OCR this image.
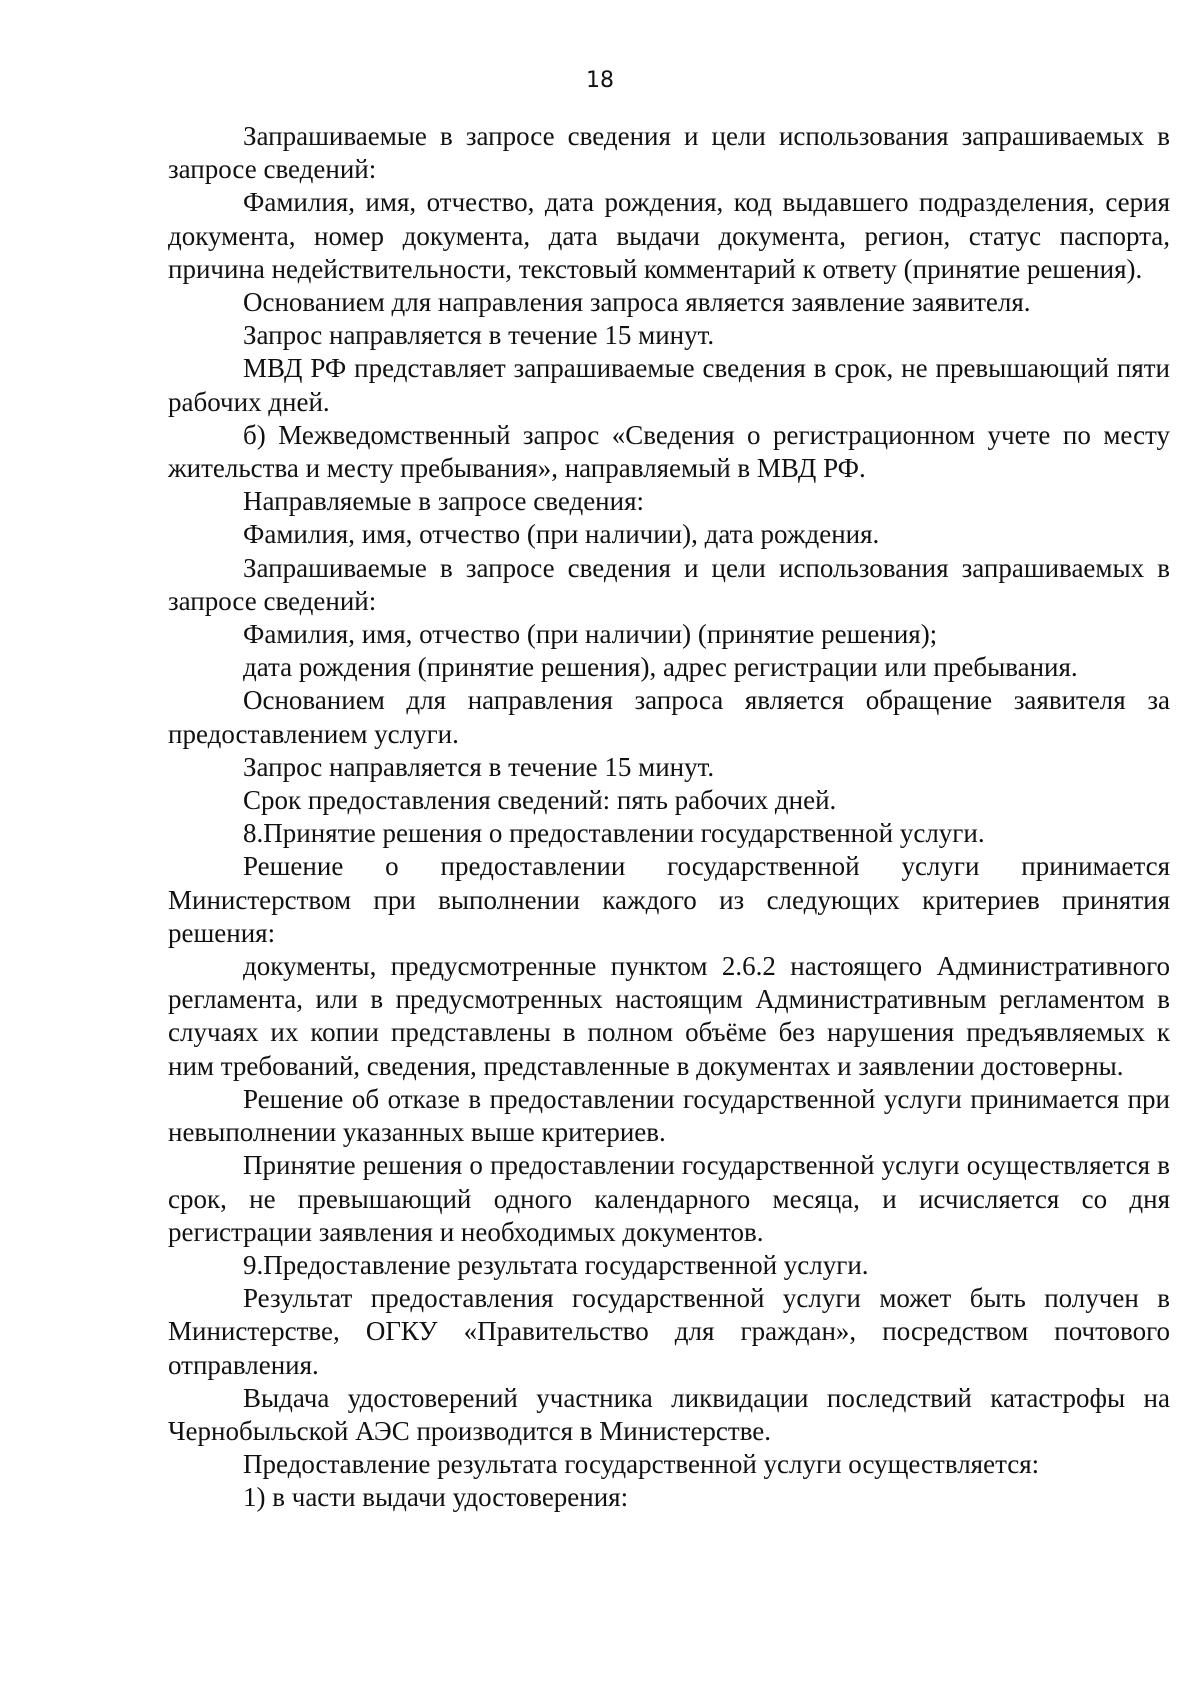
18

Запрашиваемые в запросе сведения и цели использования запрашиваемых в запросе сведений:

Фамилия, имя, отчество, дата рождения, код выдавшего подразделения, серия документа, номер документа, дата выдачи документа, регион, статус паспорта, причина недействительности, текстовый комментарий к ответу (принятие решения).

Основанием для направления запроса является заявление заявителя.

Запрос направляется в течение 15 минут.

МВД РФ представляет запрашиваемые сведения в срок, не превышающий пяти рабочих дней.

б) Межведомственный запрос «Сведения о регистрационном учете по месту жительства и месту пребывания», направляемый в МВД РФ.

Направляемые в запросе сведения:

Фамилия, имя, отчество (при наличии), дата рождения.

Запрашиваемые в запросе сведения и цели использования запрашиваемых в запросе сведений:

Фамилия, имя, отчество (при наличии) (принятие решения);

дата рождения (принятие решения), адрес регистрации или пребывания.

Основанием для направления запроса является обращение заявителя за предоставлением услуги.

Запрос направляется в течение 15 минут.

Срок предоставления сведений: пять рабочих дней.

8.Принятие решения о предоставлении государственной услуги.

Решение о предоставлении государственной услуги принимается Министерством при выполнении каждого из следующих критериев принятия решения:

документы, предусмотренные пунктом 2.6.2 настоящего Административного регламента, или в предусмотренных настоящим Административным регламентом в случаях их копии представлены в полном объёме без нарушения предъявляемых к ним требований, сведения, представленные в документах и заявлении достоверны.

Решение об отказе в предоставлении государственной услуги принимается при невыполнении указанных выше критериев.

Принятие решения о предоставлении государственной услуги осуществляется в срок, не превышающий одного календарного месяца, и исчисляется со дня регистрации заявления и необходимых документов.

9.Предоставление результата государственной услуги.

Результат предоставления государственной услуги может быть получен в Министерстве, ОГКУ «Правительство для граждан», посредством почтового отправления.

Выдача удостоверений участника ликвидации последствий катастрофы на Чернобыльской АЭС производится в Министерстве.

Предоставление результата государственной услуги осуществляется:

1) в части выдачи удостоверения:
